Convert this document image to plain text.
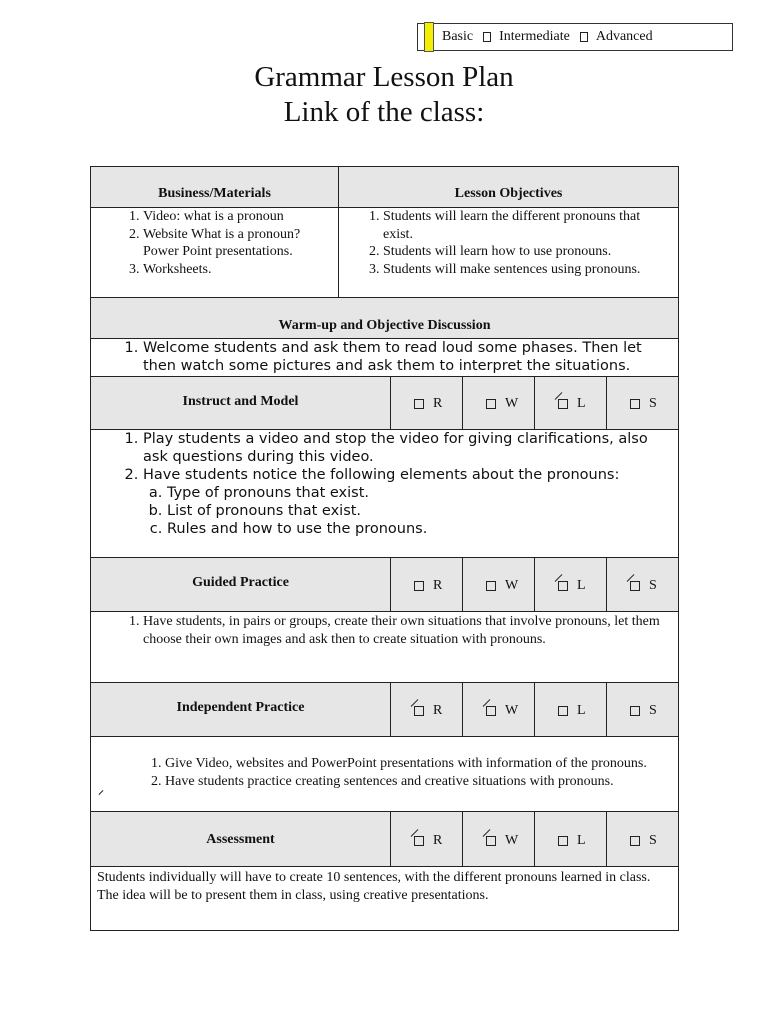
Basic Intermediate Advanced
Grammar Lesson Plan
Link of the class:
Business/Materials	Lesson Objectives
1. Video: what is a pronoun
2. Website What is a pronoun? Power Point presentations.
3. Worksheets.
1. Students will learn the different pronouns that exist.
2. Students will learn how to use pronouns.
3. Students will make sentences using pronouns.
Warm-up and Objective Discussion
1. Welcome students and ask them to read loud some phases. Then let then watch some pictures and ask them to interpret the situations.
Instruct and Model	R	W	L	S
1. Play students a video and stop the video for giving clarifications, also ask questions during this video.
2. Have students notice the following elements about the pronouns:
a. Type of pronouns that exist.
b. List of pronouns that exist.
c. Rules and how to use the pronouns.
Guided Practice	R	W	L	S
1. Have students, in pairs or groups, create their own situations that involve pronouns, let them choose their own images and ask then to create situation with pronouns.
Independent Practice	R	W	L	S
1. Give Video, websites and PowerPoint presentations with information of the pronouns.
2. Have students practice creating sentences and creative situations with pronouns.
Assessment	R	W	L	S
Students individually will have to create 10 sentences, with the different pronouns learned in class.
The idea will be to present them in class, using creative presentations.
